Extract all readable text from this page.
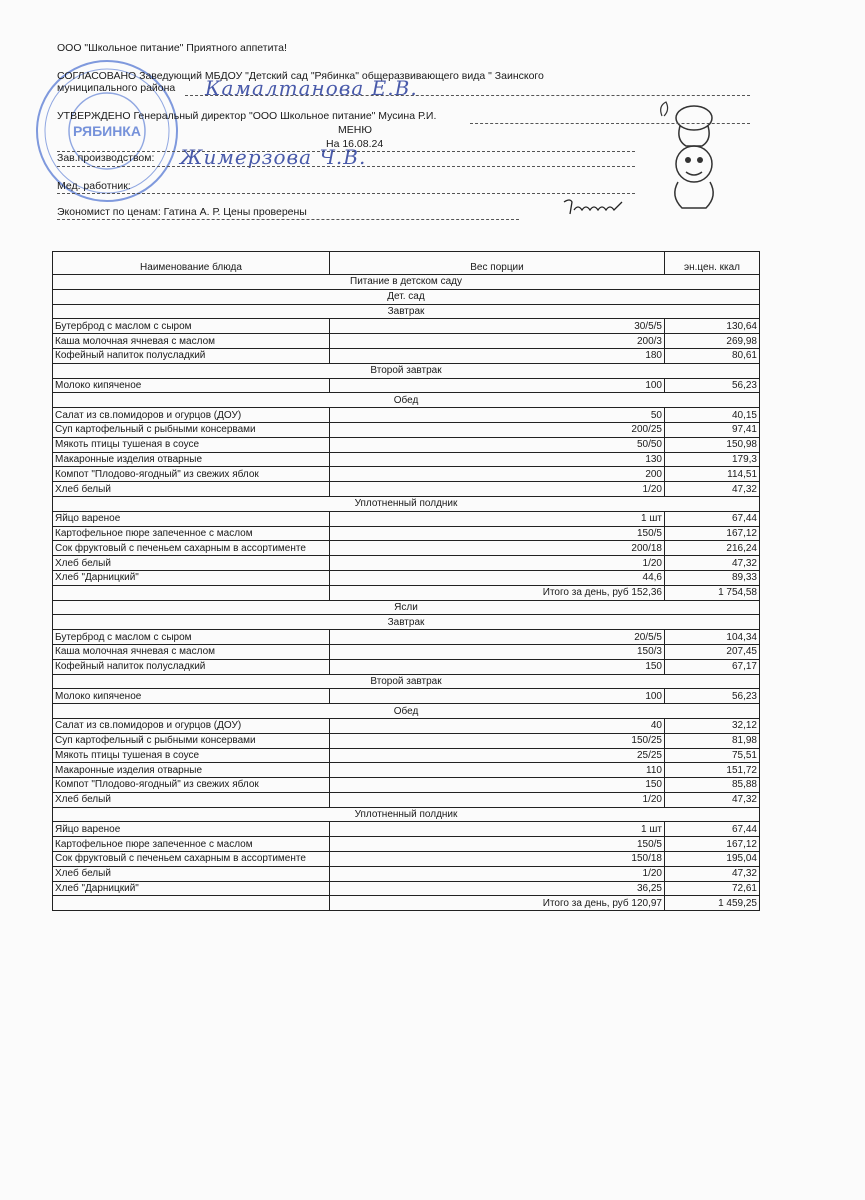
РЯБИНКА
ООО "Школьное питание" Приятного аппетита!
СОГЛАСОВАНО Заведующий МБДОУ "Детский сад "Рябинка" общеразвивающего вида " Заинского
муниципального района Камалтанова Е.В.
УТВЕРЖДЕНО Генеральный директор "ООО Школьное питание" Мусина Р.И.
МЕНЮ
На 16.08.24
Зав.производством: Жимерзова Ч.В.
Мед. работник:
Экономист по ценам: Гатина А. Р. Цены проверены
Наименование блюда	Вес порции	эн.цен. ккал
Питание в детском саду		
Дет. сад		
Завтрак		
Бутерброд с маслом с сыром	30/5/5	130,64
Каша молочная ячневая с маслом	200/3	269,98
Кофейный напиток полусладкий	180	80,61
Второй завтрак		
Молоко кипяченое	100	56,23
Обед		
Салат из св.помидоров и огурцов (ДОУ)	50	40,15
Суп картофельный с рыбными консервами	200/25	97,41
Мякоть птицы тушеная в соусе	50/50	150,98
Макаронные изделия отварные	130	179,3
Компот "Плодово-ягодный" из свежих яблок	200	114,51
Хлеб белый	1/20	47,32
Уплотненный полдник		
Яйцо вареное	1 шт	67,44
Картофельное пюре запеченное с маслом	150/5	167,12
Сок фруктовый с печеньем сахарным в ассортименте	200/18	216,24
Хлеб белый	1/20	47,32
Хлеб "Дарницкий"	44,6	89,33
	Итого за день, руб 152,36	1 754,58
Ясли		
Завтрак		
Бутерброд с маслом с сыром	20/5/5	104,34
Каша молочная ячневая с маслом	150/3	207,45
Кофейный напиток полусладкий	150	67,17
Второй завтрак		
Молоко кипяченое	100	56,23
Обед		
Салат из св.помидоров и огурцов (ДОУ)	40	32,12
Суп картофельный с рыбными консервами	150/25	81,98
Мякоть птицы тушеная в соусе	25/25	75,51
Макаронные изделия отварные	110	151,72
Компот "Плодово-ягодный" из свежих яблок	150	85,88
Хлеб белый	1/20	47,32
Уплотненный полдник		
Яйцо вареное	1 шт	67,44
Картофельное пюре запеченное с маслом	150/5	167,12
Сок фруктовый с печеньем сахарным в ассортименте	150/18	195,04
Хлеб белый	1/20	47,32
Хлеб "Дарницкий"	36,25	72,61
	Итого за день, руб 120,97	1 459,25
